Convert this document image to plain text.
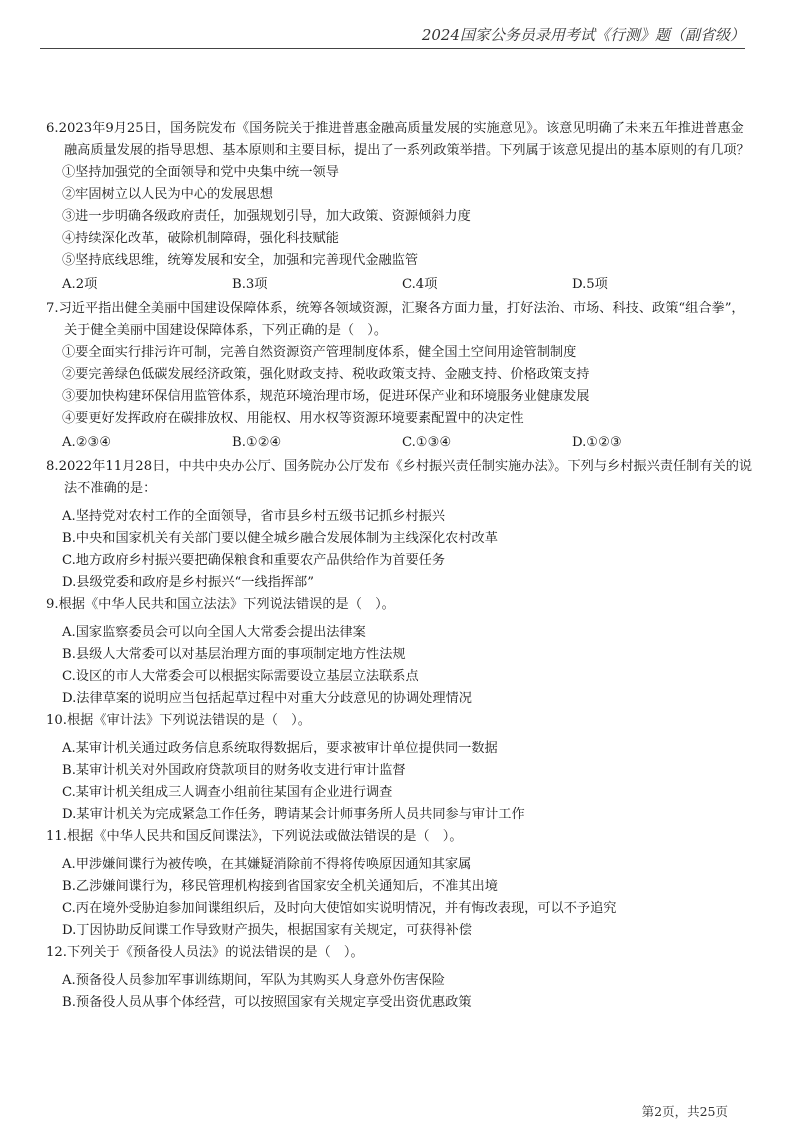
2024国家公务员录用考试《行测》题（副省级）
6.2023年9月25日，国务院发布《国务院关于推进普惠金融高质量发展的实施意见》。该意见明确了未来五年推进普惠金融高质量发展的指导思想、基本原则和主要目标，提出了一系列政策举措。下列属于该意见提出的基本原则的有几项？
①坚持加强党的全面领导和党中央集中统一领导
②牢固树立以人民为中心的发展思想
③进一步明确各级政府责任，加强规划引导，加大政策、资源倾斜力度
④持续深化改革，破除机制障碍，强化科技赋能
⑤坚持底线思维，统筹发展和安全，加强和完善现代金融监管
A.2项	B.3项	C.4项	D.5项
7.习近平指出健全美丽中国建设保障体系，统筹各领域资源，汇聚各方面力量，打好法治、市场、科技、政策“组合拳”，关于健全美丽中国建设保障体系，下列正确的是（　）。
①要全面实行排污许可制，完善自然资源资产管理制度体系，健全国土空间用途管制制度
②要完善绿色低碳发展经济政策，强化财政支持、税收政策支持、金融支持、价格政策支持
③要加快构建环保信用监管体系，规范环境治理市场，促进环保产业和环境服务业健康发展
④要更好发挥政府在碳排放权、用能权、用水权等资源环境要素配置中的决定性
A.②③④	B.①②④	C.①③④	D.①②③
8.2022年11月28日，中共中央办公厅、国务院办公厅发布《乡村振兴责任制实施办法》。下列与乡村振兴责任制有关的说法不准确的是：
A.坚持党对农村工作的全面领导，省市县乡村五级书记抓乡村振兴
B.中央和国家机关有关部门要以健全城乡融合发展体制为主线深化农村改革
C.地方政府乡村振兴要把确保粮食和重要农产品供给作为首要任务
D.县级党委和政府是乡村振兴“一线指挥部”
9.根据《中华人民共和国立法法》下列说法错误的是（　）。
A.国家监察委员会可以向全国人大常委会提出法律案
B.县级人大常委可以对基层治理方面的事项制定地方性法规
C.设区的市人大常委会可以根据实际需要设立基层立法联系点
D.法律草案的说明应当包括起草过程中对重大分歧意见的协调处理情况
10.根据《审计法》下列说法错误的是（　）。
A.某审计机关通过政务信息系统取得数据后，要求被审计单位提供同一数据
B.某审计机关对外国政府贷款项目的财务收支进行审计监督
C.某审计机关组成三人调查小组前往某国有企业进行调查
D.某审计机关为完成紧急工作任务，聘请某会计师事务所人员共同参与审计工作
11.根据《中华人民共和国反间谍法》，下列说法或做法错误的是（　）。
A.甲涉嫌间谍行为被传唤，在其嫌疑消除前不得将传唤原因通知其家属
B.乙涉嫌间谍行为，移民管理机构接到省国家安全机关通知后，不准其出境
C.丙在境外受胁迫参加间谍组织后，及时向大使馆如实说明情况，并有悔改表现，可以不予追究
D.丁因协助反间谍工作导致财产损失，根据国家有关规定，可获得补偿
12.下列关于《预备役人员法》的说法错误的是（　）。
A.预备役人员参加军事训练期间，军队为其购买人身意外伤害保险
B.预备役人员从事个体经营，可以按照国家有关规定享受出资优惠政策
第2页，共25页
